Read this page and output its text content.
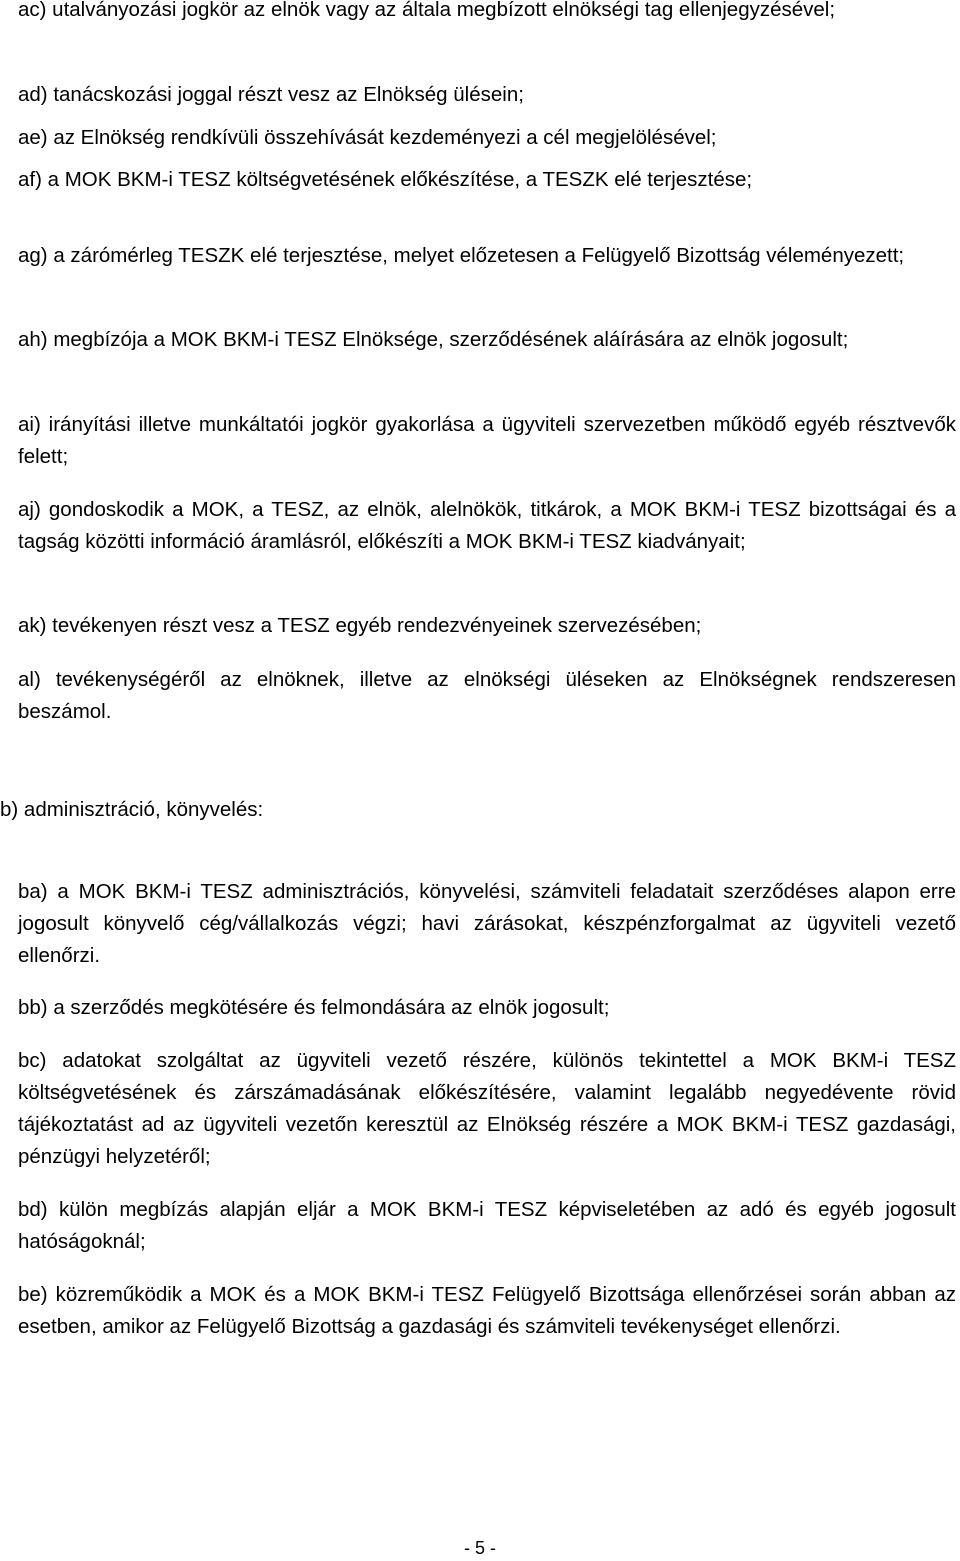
ac) utalványozási jogkör az elnök vagy az általa megbízott elnökségi tag ellenjegyzésével;

ad) tanácskozási joggal részt vesz az Elnökség ülésein;

ae) az Elnökség rendkívüli összehívását kezdeményezi a cél megjelölésével;

af) a MOK BKM-i TESZ költségvetésének előkészítése, a TESZK elé terjesztése;

ag) a zárómérleg TESZK elé terjesztése, melyet előzetesen a Felügyelő Bizottság véleményezett;

ah) megbízója a MOK BKM-i TESZ Elnöksége, szerződésének aláírására az elnök jogosult;

ai) irányítási illetve munkáltatói jogkör gyakorlása a ügyviteli szervezetben működő egyéb résztvevők felett;

aj) gondoskodik a MOK, a TESZ, az elnök, alelnökök, titkárok, a MOK BKM-i TESZ bizottságai és a tagság közötti információ áramlásról, előkészíti a MOK BKM-i TESZ kiadványait;

ak) tevékenyen részt vesz a TESZ egyéb rendezvényeinek szervezésében;

al) tevékenységéről az elnöknek, illetve az elnökségi üléseken az Elnökségnek rendszeresen beszámol.

b) adminisztráció, könyvelés:

ba) a MOK BKM-i TESZ adminisztrációs, könyvelési, számviteli feladatait szerződéses alapon erre jogosult könyvelő cég/vállalkozás végzi; havi zárásokat, készpénzforgalmat az ügyviteli vezető ellenőrzi.

bb) a szerződés megkötésére és felmondására az elnök jogosult;

bc) adatokat szolgáltat az ügyviteli vezető részére, különös tekintettel a MOK BKM-i TESZ költségvetésének és zárszámadásának előkészítésére, valamint legalább negyedévente rövid tájékoztatást ad az ügyviteli vezetőn keresztül az Elnökség részére a MOK BKM-i TESZ gazdasági, pénzügyi helyzetéről;

bd) külön megbízás alapján eljár a MOK BKM-i TESZ képviseletében az adó és egyéb jogosult hatóságoknál;

be) közreműködik a MOK és a MOK BKM-i TESZ Felügyelő Bizottsága ellenőrzései során abban az esetben, amikor az Felügyelő Bizottság a gazdasági és számviteli tevékenységet ellenőrzi.

- 5 -
